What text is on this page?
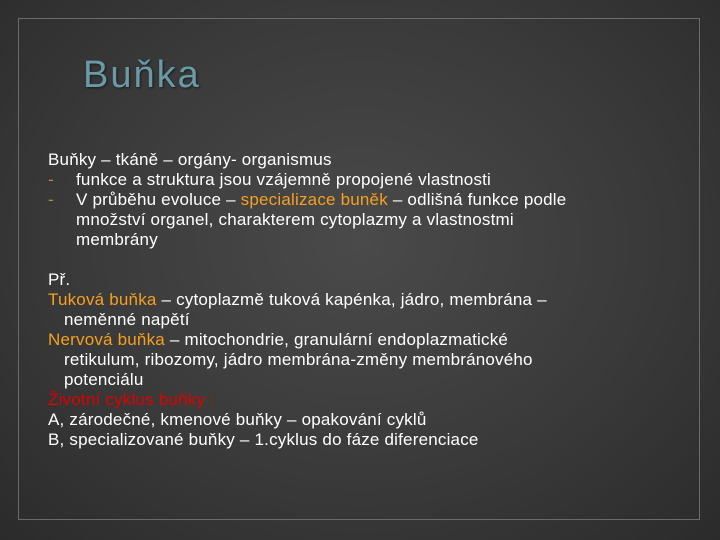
Buňka
Buňky – tkáně – orgány- organismus
-	funkce a struktura jsou vzájemně propojené vlastnosti
-	V průběhu evoluce – specializace buněk – odlišná funkce podle
množství organel, charakterem cytoplazmy a vlastnostmi
membrány
Př.
Tuková buňka – cytoplazmě tuková kapénka, jádro, membrána –
neměnné napětí
Nervová buňka – mitochondrie, granulární endoplazmatické
retikulum, ribozomy, jádro membrána-změny membránového
potenciálu
Životní cyklus buňky :
A, zárodečné, kmenové buňky – opakování cyklů
B, specializované buňky – 1.cyklus do fáze diferenciace
